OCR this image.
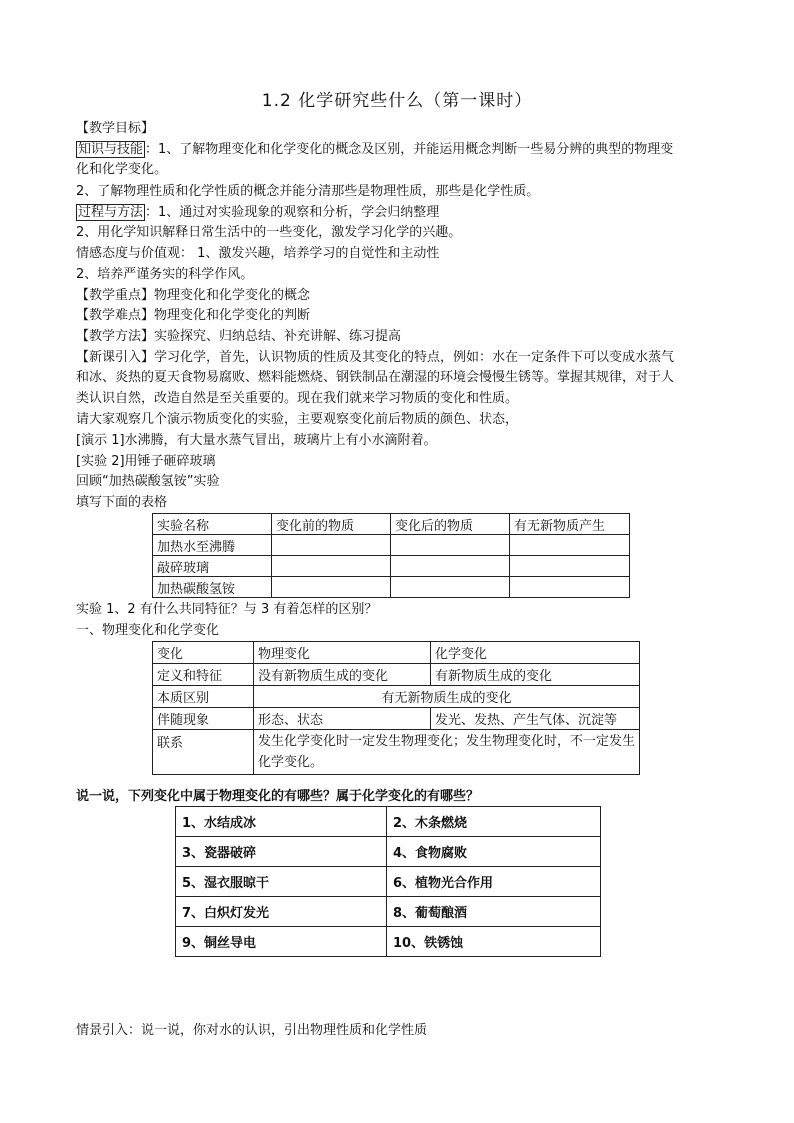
1.2 化学研究些什么（第一课时）
【教学目标】
知识与技能 ：1、了解物理变化和化学变化的概念及区别，并能运用概念判断一些易分辨的典型的物理变
化和化学变化。
2、了解物理性质和化学性质的概念并能分清那些是物理性质，那些是化学性质。
过程与方法 ：1、通过对实验现象的观察和分析，学会归纳整理
2、用化学知识解释日常生活中的一些变化，激发学习化学的兴趣。
情感态度与价值观： 1、激发兴趣，培养学习的自觉性和主动性
2、培养严谨务实的科学作风。
【教学重点】物理变化和化学变化的概念
【教学难点】物理变化和化学变化的判断
【教学方法】实验探究、归纳总结、补充讲解、练习提高
【新课引入】学习化学，首先，认识物质的性质及其变化的特点，例如：水在一定条件下可以变成水蒸气
和冰、炎热的夏天食物易腐败、燃料能燃烧、钢铁制品在潮湿的环境会慢慢生锈等。掌握其规律，对于人
类认识自然，改造自然是至关重要的。现在我们就来学习物质的变化和性质。
请大家观察几个演示物质变化的实验，主要观察变化前后物质的颜色、状态，
[演示 1]水沸腾，有大量水蒸气冒出，玻璃片上有小水滴附着。
[实验 2]用锤子砸碎玻璃
回顾“加热碳酸氢铵”实验
填写下面的表格
实验名称	变化前的物质	变化后的物质	有无新物质产生
加热水至沸腾			
敲碎玻璃			
加热碳酸氢铵			
实验 1、2 有什么共同特征？与 3 有着怎样的区别？
一、物理变化和化学变化
变化	物理变化	化学变化
定义和特征	没有新物质生成的变化	有新物质生成的变化
本质区别	有无新物质生成的变化	
伴随现象	形态、状态	发光、发热、产生气体、沉淀等
联系	发生化学变化时一定发生物理变化；发生物理变化时，不一定发生化学变化。	
说一说，下列变化中属于物理变化的有哪些？属于化学变化的有哪些？
1、水结成冰	2、木条燃烧
3、瓷器破碎	4、食物腐败
5、湿衣服晾干	6、植物光合作用
7、白炽灯发光	8、葡萄酿酒
9、铜丝导电	10、铁锈蚀
情景引入：说一说，你对水的认识，引出物理性质和化学性质
